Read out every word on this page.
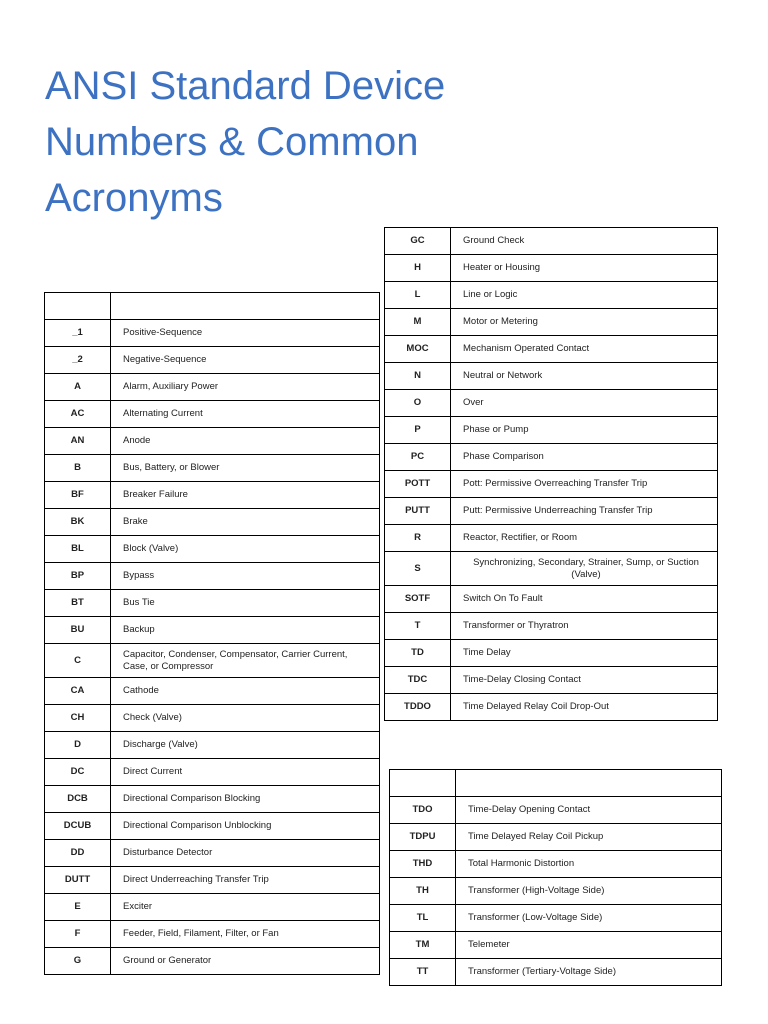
ANSI Standard Device
Numbers & Common
Acronyms

_1	Positive-Sequence
_2	Negative-Sequence
A	Alarm, Auxiliary Power
AC	Alternating Current
AN	Anode
B	Bus, Battery, or Blower
BF	Breaker Failure
BK	Brake
BL	Block (Valve)
BP	Bypass
BT	Bus Tie
BU	Backup
C	Capacitor, Condenser, Compensator, Carrier Current, Case, or Compressor
CA	Cathode
CH	Check (Valve)
D	Discharge (Valve)
DC	Direct Current
DCB	Directional Comparison Blocking
DCUB	Directional Comparison Unblocking
DD	Disturbance Detector
DUTT	Direct Underreaching Transfer Trip
E	Exciter
F	Feeder, Field, Filament, Filter, or Fan
G	Ground or Generator
GC	Ground Check
H	Heater or Housing
L	Line or Logic
M	Motor or Metering
MOC	Mechanism Operated Contact
N	Neutral or Network
O	Over
P	Phase or Pump
PC	Phase Comparison
POTT	Pott: Permissive Overreaching Transfer Trip
PUTT	Putt: Permissive Underreaching Transfer Trip
R	Reactor, Rectifier, or Room
S	Synchronizing, Secondary, Strainer, Sump, or Suction (Valve)
SOTF	Switch On To Fault
T	Transformer or Thyratron
TD	Time Delay
TDC	Time-Delay Closing Contact
TDDO	Time Delayed Relay Coil Drop-Out

TDO	Time-Delay Opening Contact
TDPU	Time Delayed Relay Coil Pickup
THD	Total Harmonic Distortion
TH	Transformer (High-Voltage Side)
TL	Transformer (Low-Voltage Side)
TM	Telemeter
TT	Transformer (Tertiary-Voltage Side)
